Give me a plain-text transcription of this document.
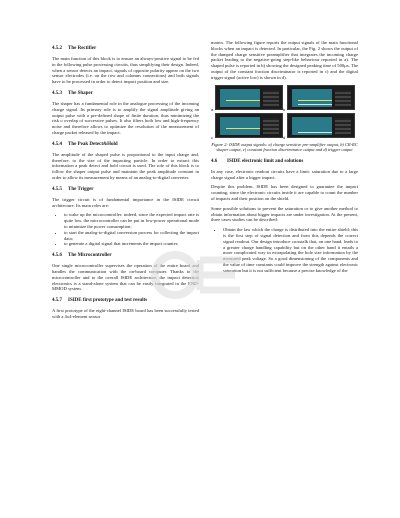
4.5.2 The Rectifier

The main function of this block is to ensure an always-positive signal to be fed in the following pulse processing circuits, thus simplifying their design. Indeed, when a sensor detects an impact, signals of opposite polarity appear on the two sensor electrodes (i.e. on the row and columns connections) and both signals have to be processed in order to detect impact position and size.

4.5.3 The Shaper

The shaper has a fundamental role in the analogue processing of the incoming charge signal. Its primary role is to amplify the signal amplitude giving an output pulse with a pre-defined shape of finite duration, thus minimizing the risk o overlap of successive pulses. It also filters both low and high-frequency noise and therefore allows to optimize the resolution of the measurement of charge packet released by the impact.

4.5.4 The Peak Detect&Hold

The amplitude of the shaped pulse is proportional to the input charge and, therefore, to the size of the impacting particle. In order to extract this information a peak detect and hold circuit is used. The role of this block is to follow the shaper output pulse and maintain the peak amplitude constant in order to allow its measurement by means of an analog-to-digital converter.

4.5.5 The Trigger

The trigger circuit is of fundamental importance in the ISIDE circuit architecture. Its main roles are:

• to wake up the microcontroller: indeed, since the expected impact rate is quite low, the microcontroller can be put in low-power operational mode to minimize the power consumption;
• to start the analog-to-digital conversion process for collecting the impact data;
• to generate a digital signal that increments the impact counter;
4.5.6 The Microcontroller

One single microcontroller supervises the operation of the entire board and handles the communication with the on-board computer. Thanks to the microcontroller and to the overall ISIDE architecture, the impact detection electronics is a stand-alone system that can be easily integrated in the END-MMOD system.

4.5.7 ISIDE first prototype and test results

A first prototype of the eight-channel ISIDE board has been successfully tested with a 4x4-element sensor

matrix. The following figure reports the output signals of the main functional blocks when an impact is detected. In particular, the Fig. 2 shows the output of the dumped charge sensitive preamplifier that integrates the incoming charge packet leading to the negative-going step-like behaviour reported in a). The shaped pulse is reported in b) showing the designed peaking time of 500µs. The output of the constant fraction discriminator is reported in c) and the digital trigger signal (active low) is shown in d).

a	b
c	d

Figure 2: ISIDE output signals: a) charge sensitive pre-amplifier output, b) CR-RC shaper output, c) constant fraction discriminator output and d) trigger output

4.6 ISIDE electronic limit and solutions

In any case, electronic readout circuits have a limit: saturation due to a large charge signal after a bigger impact.

Despite this problem, ISIDE has been designed to guarantee the impact counting, since the electronic circuits inside it are capable to count the number of impacts and their position on the shield.

Some possible solutions to prevent the saturation or to give another method to obtain information about bigger impacts are under investigation. At the present, three cases studies can be described:

• Obtain the law which the charge is distributed into the entire shield; this is the first step of signal detection and from this depends the correct signal readout. Our design introduce crosstalk that, on one hand, leads to a greater charge handling capability but on the other hand it entails a more complicated way in extrapolating the hole size information by the measured peak voltage. So a good dimensioning of the components and the value of time constants could improve the strength against electronic saturation but it is not sufficient because a precise knowledge of the
